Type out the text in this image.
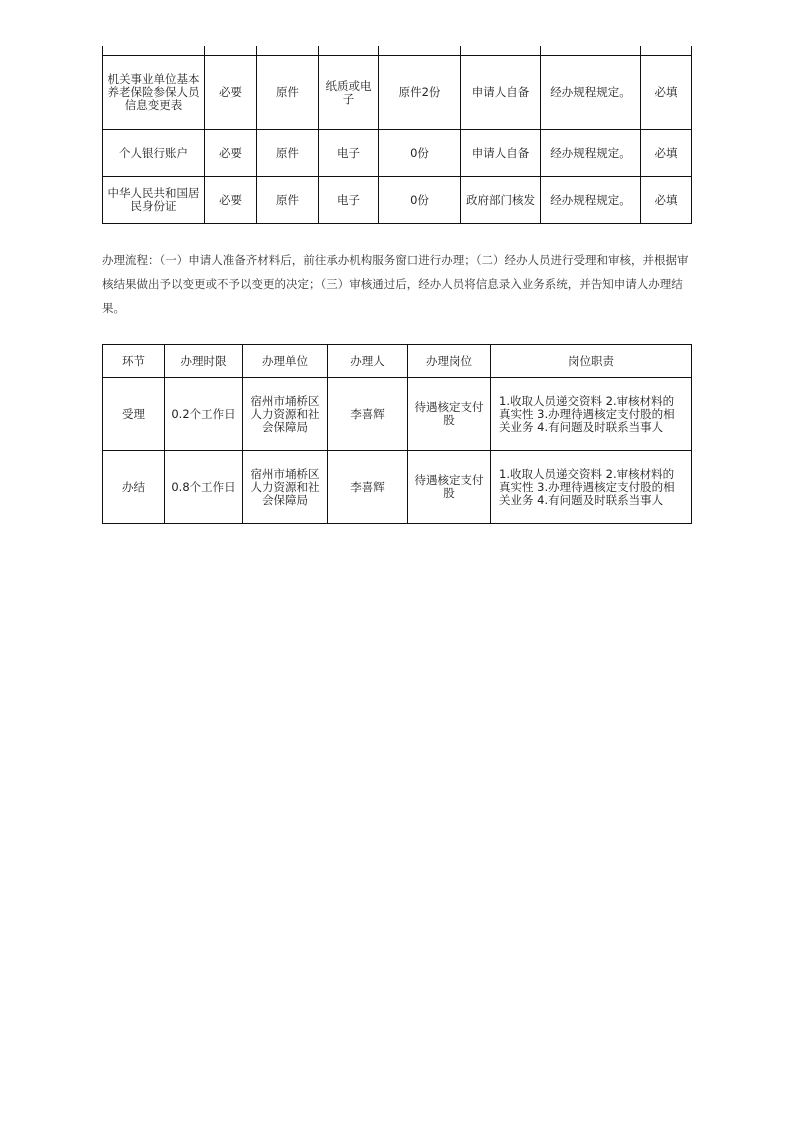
机关事业单位基本养老保险参保人员信息变更表	必要	原件	纸质或电子	原件2份	申请人自备	经办规程规定。	必填
个人银行账户	必要	原件	电子	0份	申请人自备	经办规程规定。	必填
中华人民共和国居民身份证	必要	原件	电子	0份	政府部门核发	经办规程规定。	必填

办理流程：（一）申请人准备齐材料后，前往承办机构服务窗口进行办理；（二）经办人员进行受理和审核，并根据审核结果做出予以变更或不予以变更的决定；（三）审核通过后，经办人员将信息录入业务系统，并告知申请人办理结果。

环节	办理时限	办理单位	办理人	办理岗位	岗位职责
受理	0.2个工作日	宿州市埇桥区人力资源和社会保障局	李喜辉	待遇核定支付股	1.收取人员递交资料 2.审核材料的真实性 3.办理待遇核定支付股的相关业务 4.有问题及时联系当事人
办结	0.8个工作日	宿州市埇桥区人力资源和社会保障局	李喜辉	待遇核定支付股	1.收取人员递交资料 2.审核材料的真实性 3.办理待遇核定支付股的相关业务 4.有问题及时联系当事人
